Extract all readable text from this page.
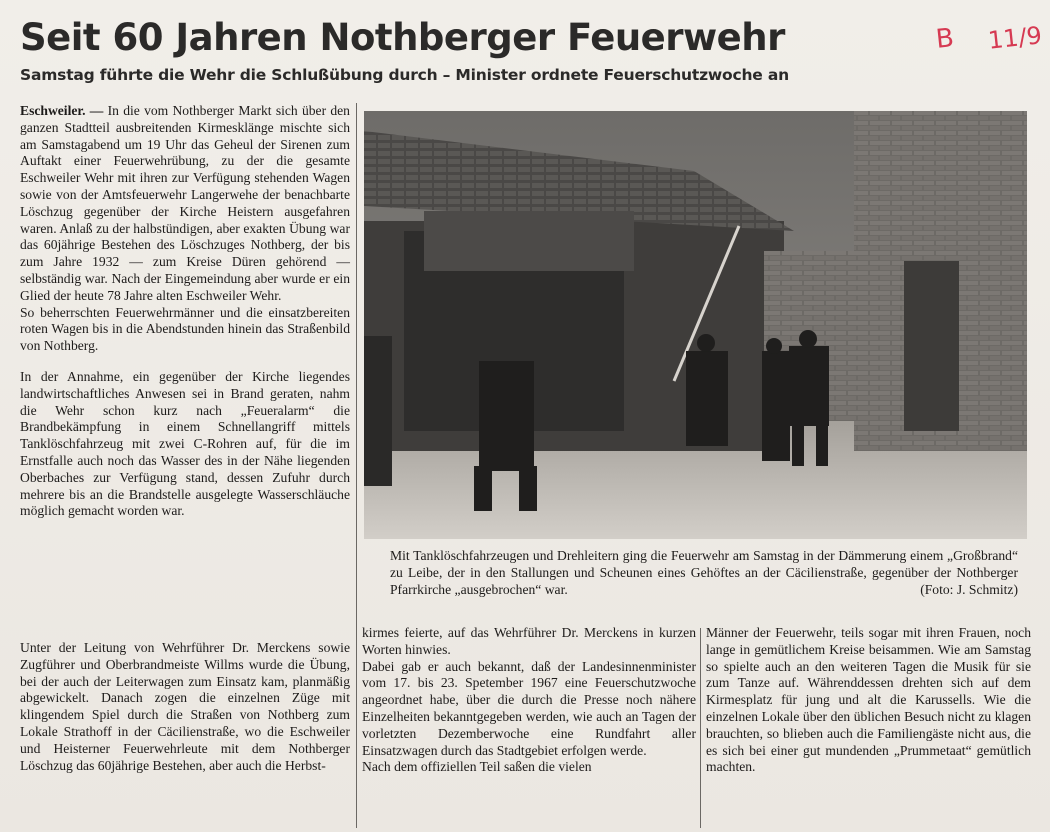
Seit 60 Jahren Nothberger Feuerwehr
Samstag führte die Wehr die Schlußübung durch – Minister ordnete Feuerschutzwoche an
B 11/9

Eschweiler. — In die vom Nothberger Markt sich über den ganzen Stadtteil ausbreitenden Kirmesklänge mischte sich am Samstagabend um 19 Uhr das Geheul der Sirenen zum Auftakt einer Feuerwehrübung, zu der die gesamte Eschweiler Wehr mit ihren zur Verfügung stehenden Wagen sowie von der Amtsfeuerwehr Langerwehe der benachbarte Löschzug gegenüber der Kirche Heistern ausgefahren waren. Anlaß zu der halbstündigen, aber exakten Übung war das 60jährige Bestehen des Löschzuges Nothberg, der bis zum Jahre 1932 — zum Kreise Düren gehörend — selbständig war. Nach der Eingemeindung aber wurde er ein Glied der heute 78 Jahre alten Eschweiler Wehr.

So beherrschten Feuerwehrmänner und die einsatzbereiten roten Wagen bis in die Abendstunden hinein das Straßenbild von Nothberg.

In der Annahme, ein gegenüber der Kirche liegendes landwirtschaftliches Anwesen sei in Brand geraten, nahm die Wehr schon kurz nach „Feueralarm“ die Brandbekämpfung in einem Schnellangriff mittels Tanklöschfahrzeug mit zwei C-Rohren auf, für die im Ernstfalle auch noch das Wasser des in der Nähe liegenden Oberbaches zur Verfügung stand, dessen Zufuhr durch mehrere bis an die Brandstelle ausgelegte Wasserschläuche möglich gemacht worden war.

Unter der Leitung von Wehrführer Dr. Merckens sowie Zugführer und Oberbrandmeiste Willms wurde die Übung, bei der auch der Leiterwagen zum Einsatz kam, planmäßig abgewickelt. Danach zogen die einzelnen Züge mit klingendem Spiel durch die Straßen von Nothberg zum Lokale Strathoff in der Cäcilienstraße, wo die Eschweiler und Heisterner Feuerwehrleute mit dem Nothberger Löschzug das 60jährige Bestehen, aber auch die Herbst-

Mit Tanklöschfahrzeugen und Drehleitern ging die Feuerwehr am Samstag in der Dämmerung einem „Großbrand“ zu Leibe, der in den Stallungen und Scheunen eines Gehöftes an der Cäcilienstraße, gegenüber der Nothberger Pfarrkirche „ausgebrochen“ war.	(Foto: J. Schmitz)

kirmes feierte, auf das Wehrführer Dr. Merckens in kurzen Worten hinwies.

Dabei gab er auch bekannt, daß der Landesinnenminister vom 17. bis 23. Spetember 1967 eine Feuerschutzwoche angeordnet habe, über die durch die Presse noch nähere Einzelheiten bekanntgegeben werden, wie auch an Tagen der vorletzten Dezemberwoche eine Rundfahrt aller Einsatzwagen durch das Stadtgebiet erfolgen werde.

Nach dem offiziellen Teil saßen die vielen

Männer der Feuerwehr, teils sogar mit ihren Frauen, noch lange in gemütlichem Kreise beisammen. Wie am Samstag so spielte auch an den weiteren Tagen die Musik für sie zum Tanze auf. Währenddessen drehten sich auf dem Kirmesplatz für jung und alt die Karussells. Wie die einzelnen Lokale über den üblichen Besuch nicht zu klagen brauchten, so blieben auch die Familiengäste nicht aus, die es sich bei einer gut mundenden „Prummetaat“ gemütlich machten.
